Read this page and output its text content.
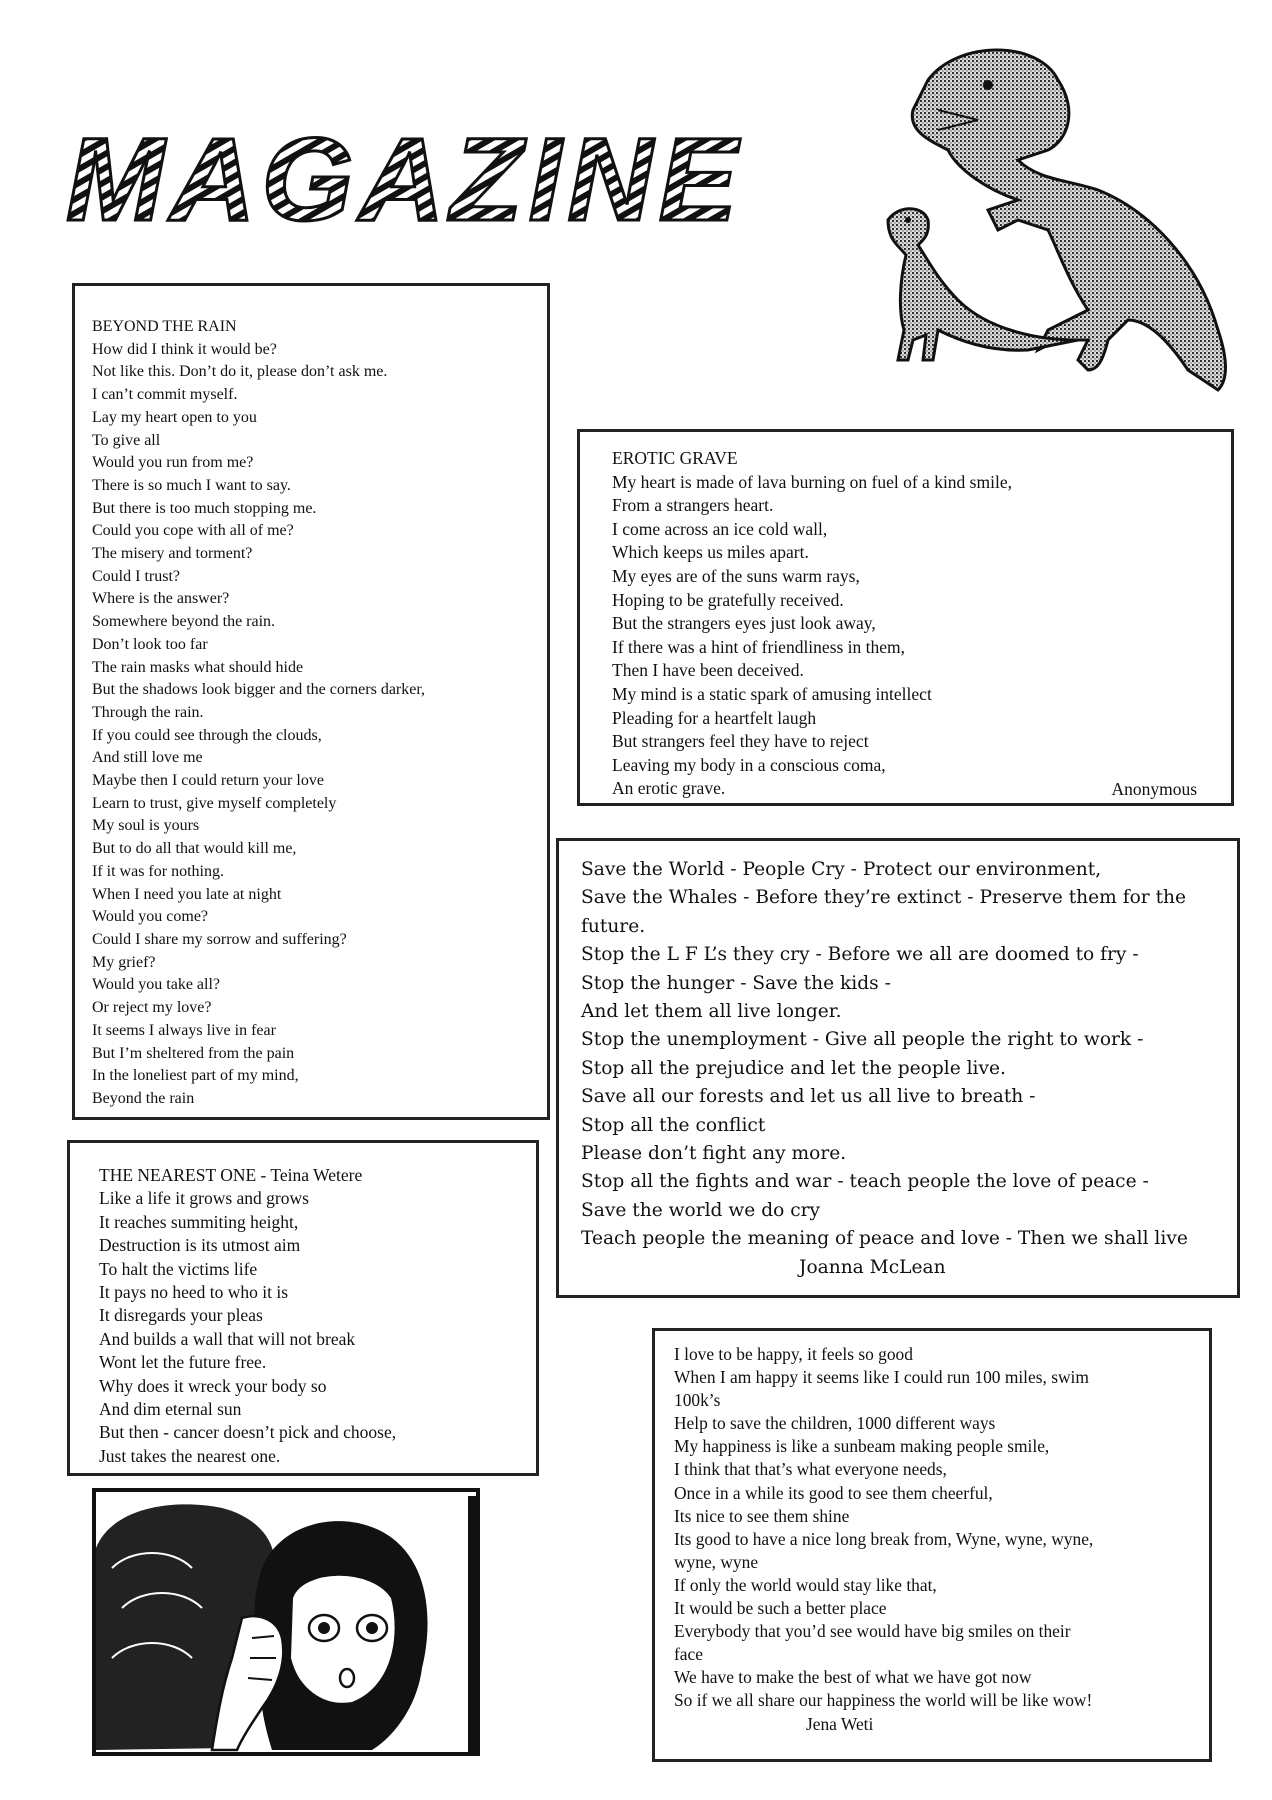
MAGAZINE
BEYOND THE RAIN
How did I think it would be?
Not like this. Don’t do it, please don’t ask me.
I can’t commit myself.
Lay my heart open to you
To give all
Would you run from me?
There is so much I want to say.
But there is too much stopping me.
Could you cope with all of me?
The misery and torment?
Could I trust?
Where is the answer?
Somewhere beyond the rain.
Don’t look too far
The rain masks what should hide
But the shadows look bigger and the corners darker,
Through the rain.
If you could see through the clouds,
And still love me
Maybe then I could return your love
Learn to trust, give myself completely
My soul is yours
But to do all that would kill me,
If it was for nothing.
When I need you late at night
Would you come?
Could I share my sorrow and suffering?
My grief?
Would you take all?
Or reject my love?
It seems I always live in fear
But I’m sheltered from the pain
In the loneliest part of my mind,
Beyond the rain
THE NEAREST ONE - Teina Wetere
Like a life it grows and grows
It reaches summiting height,
Destruction is its utmost aim
To halt the victims life
It pays no heed to who it is
It disregards your pleas
And builds a wall that will not break
Wont let the future free.
Why does it wreck your body so
And dim eternal sun
But then - cancer doesn’t pick and choose,
Just takes the nearest one.
EROTIC GRAVE
My heart is made of lava burning on fuel of a kind smile,
From a strangers heart.
I come across an ice cold wall,
Which keeps us miles apart.
My eyes are of the suns warm rays,
Hoping to be gratefully received.
But the strangers eyes just look away,
If there was a hint of friendliness in them,
Then I have been deceived.
My mind is a static spark of amusing intellect
Pleading for a heartfelt laugh
But strangers feel they have to reject
Leaving my body in a conscious coma,
An erotic grave.	Anonymous
Save the World - People Cry - Protect our environment,
Save the Whales - Before they’re extinct - Preserve them for the
future.
Stop the L F L’s they cry - Before we all are doomed to fry -
Stop the hunger - Save the kids -
And let them all live longer.
Stop the unemployment - Give all people the right to work -
Stop all the prejudice and let the people live.
Save all our forests and let us all live to breath -
Stop all the conflict
Please don’t fight any more.
Stop all the fights and war - teach people the love of peace -
Save the world we do cry
Teach people the meaning of peace and love - Then we shall live
Joanna McLean
I love to be happy, it feels so good
When I am happy it seems like I could run 100 miles, swim
100k’s
Help to save the children, 1000 different ways
My happiness is like a sunbeam making people smile,
I think that that’s what everyone needs,
Once in a while its good to see them cheerful,
Its nice to see them shine
Its good to have a nice long break from, Wyne, wyne, wyne,
wyne, wyne
If only the world would stay like that,
It would be such a better place
Everybody that you’d see would have big smiles on their
face
We have to make the best of what we have got now
So if we all share our happiness the world will be like wow!
Jena Weti
